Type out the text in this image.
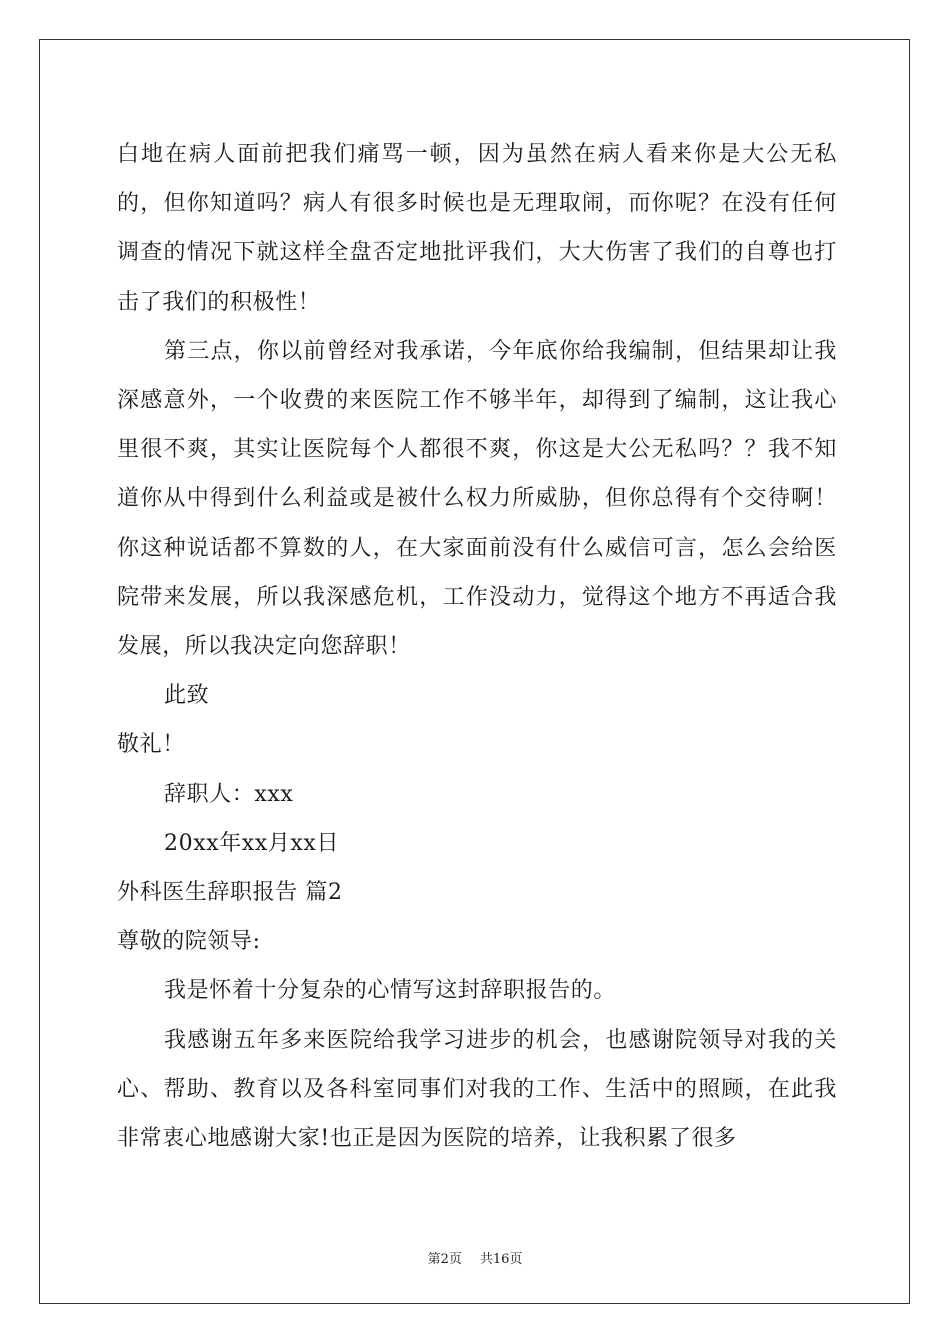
白地在病人面前把我们痛骂一顿，因为虽然在病人看来你是大公无私的，但你知道吗？病人有很多时候也是无理取闹，而你呢？在没有任何调查的情况下就这样全盘否定地批评我们，大大伤害了我们的自尊也打击了我们的积极性！

第三点，你以前曾经对我承诺，今年底你给我编制，但结果却让我深感意外，一个收费的来医院工作不够半年，却得到了编制，这让我心里很不爽，其实让医院每个人都很不爽，你这是大公无私吗？？我不知道你从中得到什么利益或是被什么权力所威胁，但你总得有个交待啊！你这种说话都不算数的人，在大家面前没有什么威信可言，怎么会给医院带来发展，所以我深感危机，工作没动力，觉得这个地方不再适合我发展，所以我决定向您辞职！

此致

敬礼！

辞职人：xxx

20xx年xx月xx日

外科医生辞职报告 篇2

尊敬的院领导:

我是怀着十分复杂的心情写这封辞职报告的。

我感谢五年多来医院给我学习进步的机会，也感谢院领导对我的关心、帮助、教育以及各科室同事们对我的工作、生活中的照顾，在此我非常衷心地感谢大家!也正是因为医院的培养，让我积累了很多

第2页 共16页
